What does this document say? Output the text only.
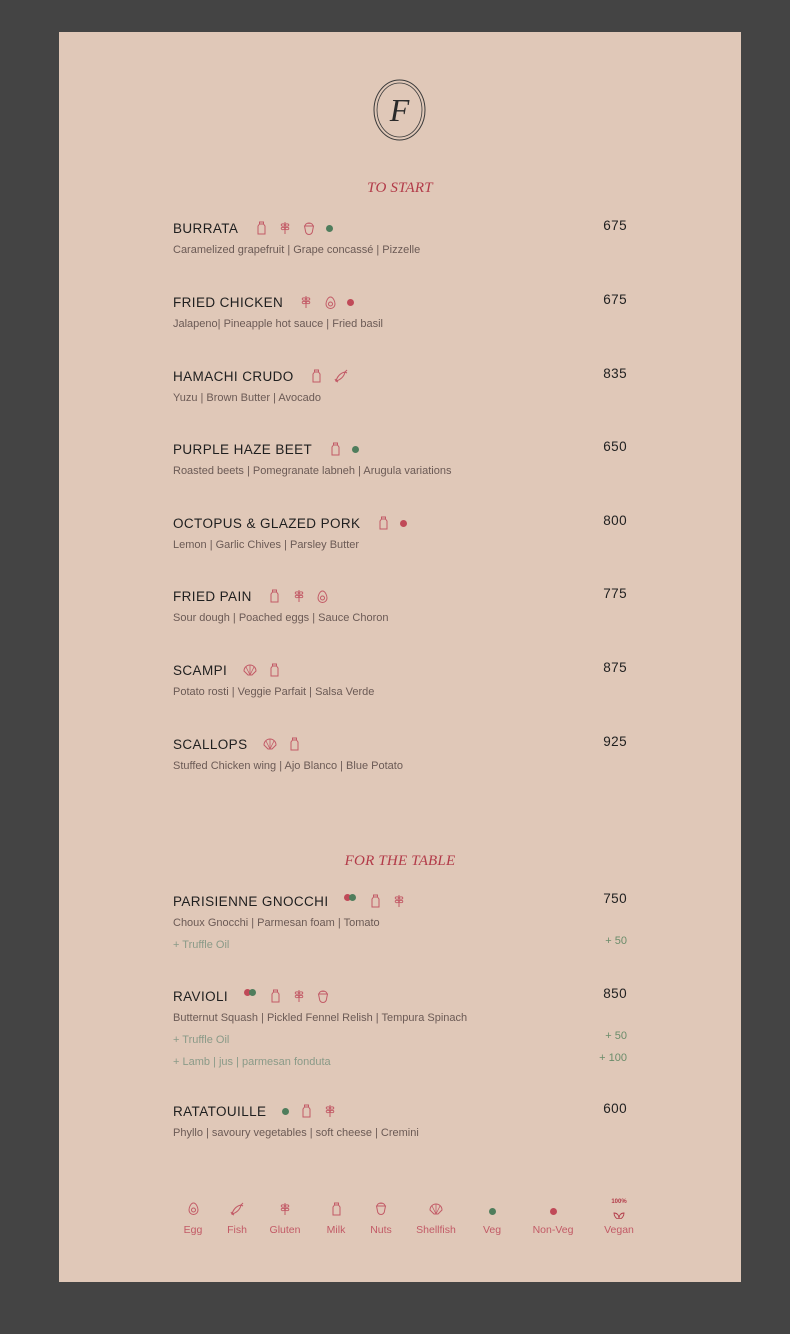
F
TO START
BURRATA	675
Caramelized grapefruit | Grape concassé | Pizzelle
FRIED CHICKEN	675
Jalapeno| Pineapple hot sauce | Fried basil
HAMACHI CRUDO	835
Yuzu | Brown Butter | Avocado
PURPLE HAZE BEET	650
Roasted beets | Pomegranate labneh | Arugula variations
OCTOPUS & GLAZED PORK	800
Lemon | Garlic Chives | Parsley Butter
FRIED PAIN	775
Sour dough | Poached eggs | Sauce Choron
SCAMPI	875
Potato rosti | Veggie Parfait | Salsa Verde
SCALLOPS	925
Stuffed Chicken wing | Ajo Blanco | Blue Potato
FOR THE TABLE
PARISIENNE GNOCCHI	750
Choux Gnocchi | Parmesan foam | Tomato
+ Truffle Oil	+ 50
RAVIOLI	850
Butternut Squash | Pickled Fennel Relish | Tempura Spinach
+ Truffle Oil	+ 50
+ Lamb | jus | parmesan fonduta	+ 100
RATATOUILLE	600
Phyllo | savoury vegetables | soft cheese | Cremini
Egg	Fish	Gluten	Milk	Nuts	Shellfish	Veg	Non-Veg
100%
Vegan
